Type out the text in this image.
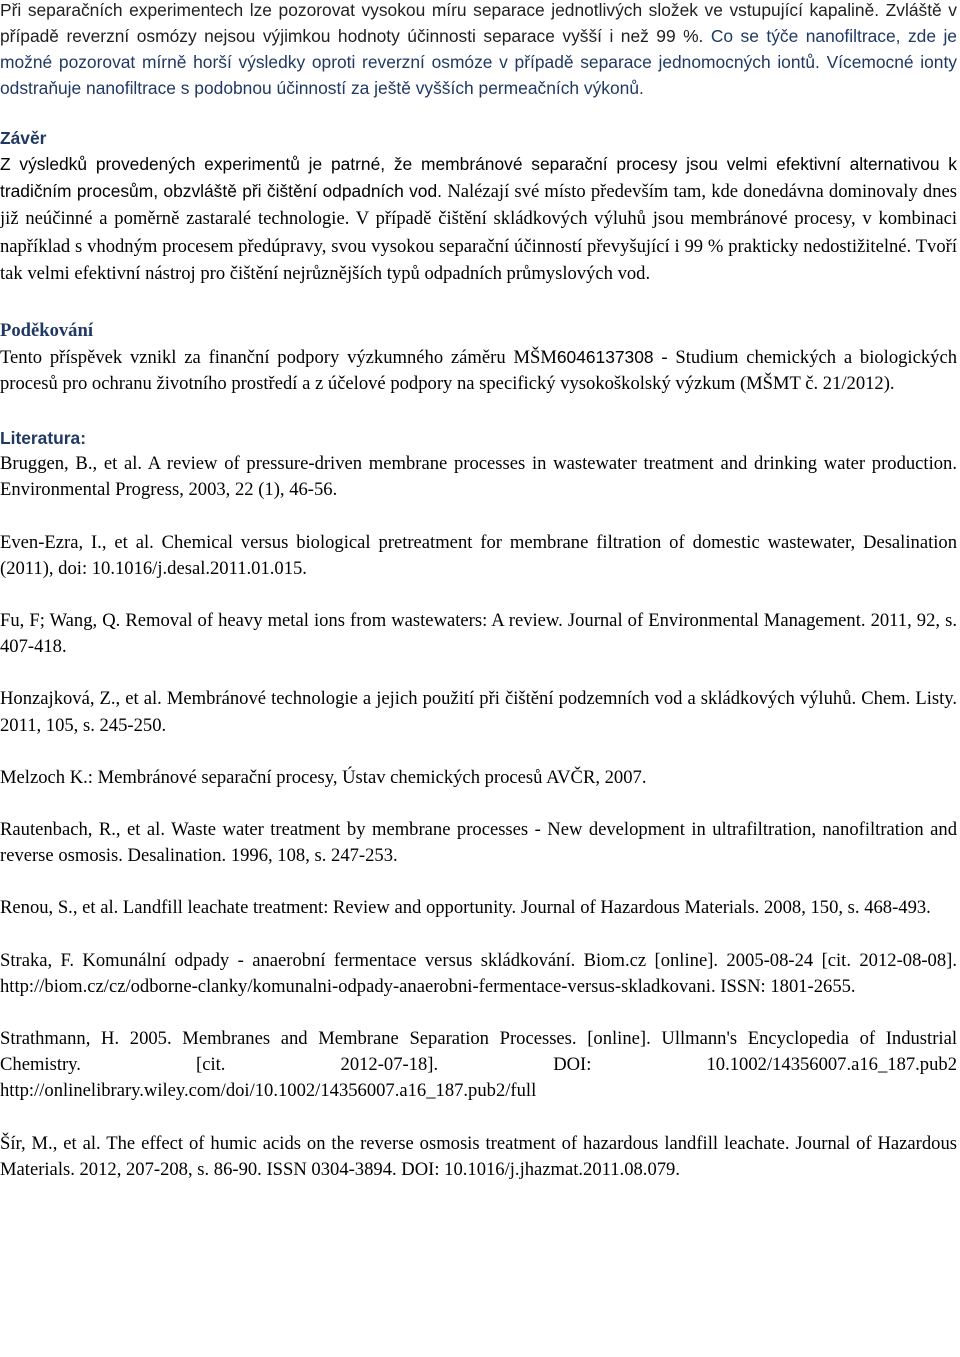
Při separačních experimentech lze pozorovat vysokou míru separace jednotlivých složek ve vstupující kapalině. Zvláště v případě reverzní osmózy nejsou výjimkou hodnoty účinnosti separace vyšší i než 99 %. Co se týče nanofiltrace, zde je možné pozorovat mírně horší výsledky oproti reverzní osmóze v případě separace jednomocných iontů. Vícemocné ionty odstraňuje nanofiltrace s podobnou účinností za ještě vyšších permeačních výkonů.

Závěr

Z výsledků provedených experimentů je patrné, že membránové separační procesy jsou velmi efektivní alternativou k tradičním procesům, obzvláště při čištění odpadních vod. Nalézají své místo především tam, kde donedávna dominovaly dnes již neúčinné a poměrně zastaralé technologie. V případě čištění skládkových výluhů jsou membránové procesy, v kombinaci například s vhodným procesem předúpravy, svou vysokou separační účinností převyšující i 99 % prakticky nedostižitelné. Tvoří tak velmi efektivní nástroj pro čištění nejrůznějších typů odpadních průmyslových vod.

Poděkování

Tento příspěvek vznikl za finanční podpory výzkumného záměru MŠM6046137308 - Studium chemických a biologických procesů pro ochranu životního prostředí a z účelové podpory na specifický vysokoškolský výzkum (MŠMT č. 21/2012).

Literatura:

Bruggen, B., et al. A review of pressure-driven membrane processes in wastewater treatment and drinking water production. Environmental Progress, 2003, 22 (1), 46-56.

Even-Ezra, I., et al. Chemical versus biological pretreatment for membrane filtration of domestic wastewater, Desalination (2011), doi: 10.1016/j.desal.2011.01.015.

Fu, F; Wang, Q. Removal of heavy metal ions from wastewaters: A review. Journal of Environmental Management. 2011, 92, s. 407-418.

Honzajková, Z., et al. Membránové technologie a jejich použití při čištění podzemních vod a skládkových výluhů. Chem. Listy. 2011, 105, s. 245-250.

Melzoch K.: Membránové separační procesy, Ústav chemických procesů AVČR, 2007.

Rautenbach, R., et al. Waste water treatment by membrane processes - New development in ultrafiltration, nanofiltration and reverse osmosis. Desalination. 1996, 108, s. 247-253.

Renou, S., et al. Landfill leachate treatment: Review and opportunity. Journal of Hazardous Materials. 2008, 150, s. 468-493.

Straka, F. Komunální odpady - anaerobní fermentace versus skládkování. Biom.cz [online]. 2005-08-24 [cit. 2012-08-08]. http://biom.cz/cz/odborne-clanky/komunalni-odpady-anaerobni-fermentace-versus-skladkovani. ISSN: 1801-2655.

Strathmann, H. 2005. Membranes and Membrane Separation Processes. [online]. Ullmann's Encyclopedia of Industrial Chemistry. [cit. 2012-07-18]. DOI: 10.1002/14356007.a16_187.pub2 http://onlinelibrary.wiley.com/doi/10.1002/14356007.a16_187.pub2/full

Šír, M., et al. The effect of humic acids on the reverse osmosis treatment of hazardous landfill leachate. Journal of Hazardous Materials. 2012, 207-208, s. 86-90. ISSN 0304-3894. DOI: 10.1016/j.jhazmat.2011.08.079.
